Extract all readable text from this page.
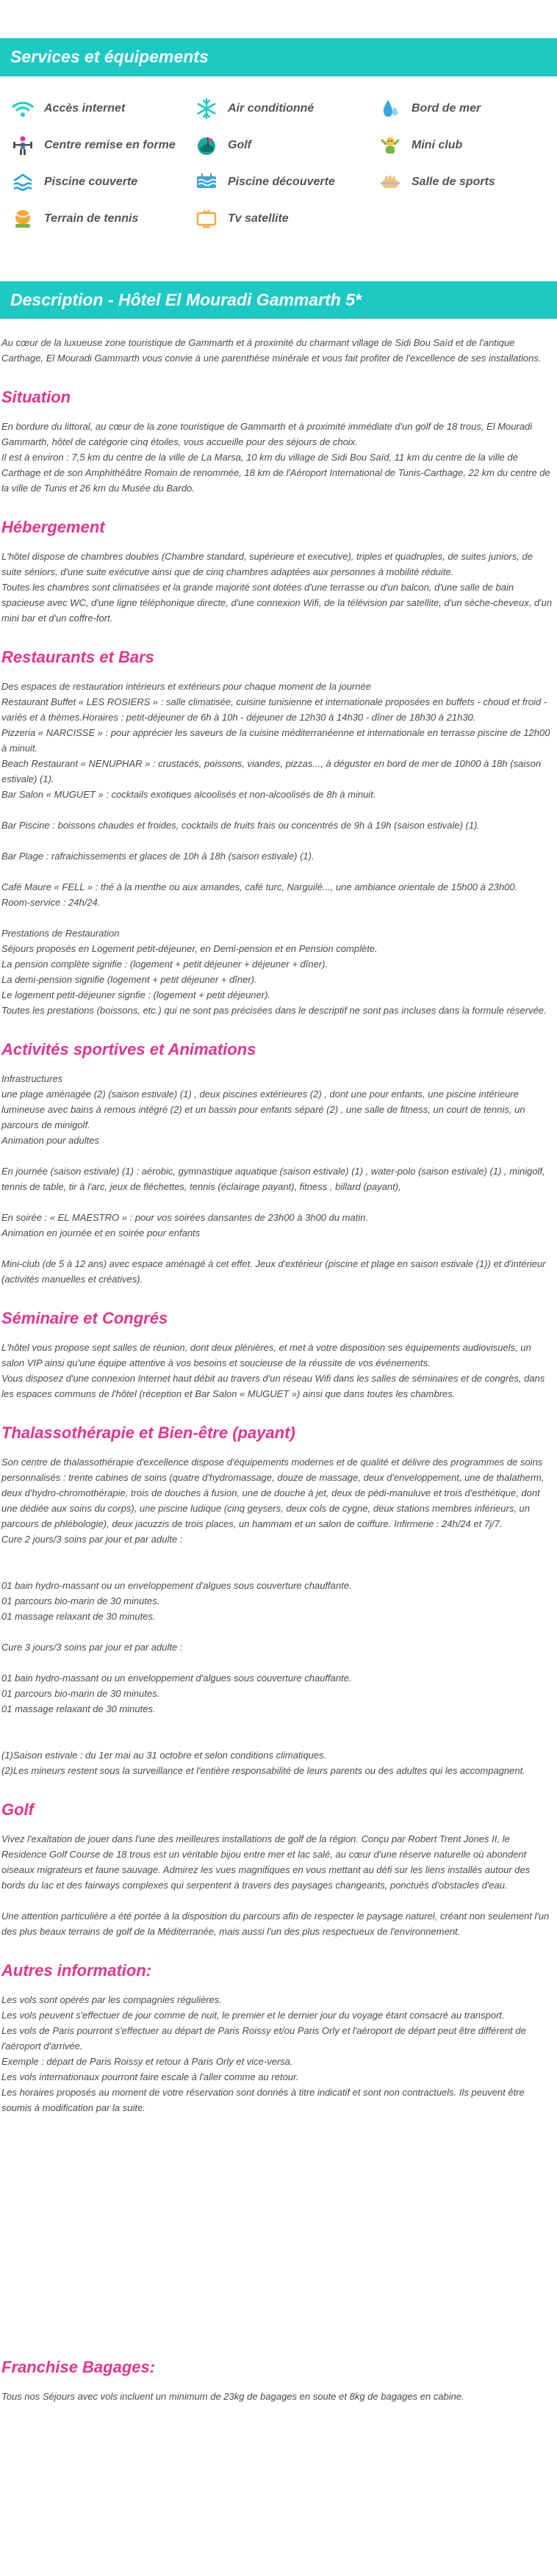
Services et équipements
Accès internet	Air conditionné	Bord de mer
Centre remise en forme	Golf	Mini club
Piscine couverte	Piscine découverte	Salle de sports
Terrain de tennis	Tv satellite
Description - Hôtel El Mouradi Gammarth 5*
Au cœur de la luxueuse zone touristique de Gammarth et à proximité du charmant village de Sidi Bou Saïd et de l'antique Carthage, El Mouradi Gammarth vous convie à une parenthèse minérale et vous fait profiter de l'excellence de ses installations.
Situation
En bordure du littoral, au cœur de la zone touristique de Gammarth et à proximité immédiate d'un golf de 18 trous, El Mouradi Gammarth, hôtel de catégorie cinq étoiles, vous accueille pour des séjours de choix.
Il est à environ : 7,5 km du centre de la ville de La Marsa, 10 km du village de Sidi Bou Saïd, 11 km du centre de la ville de Carthage et de son Amphithéâtre Romain de renommée, 18 km de l'Aéroport International de Tunis-Carthage, 22 km du centre de la ville de Tunis et 26 km du Musée du Bardo.
Hébergement
L'hôtel dispose de chambres doubles (Chambre standard, supérieure et executive), triples et quadruples, de suites juniors, de suite séniors, d'une suite exécutive ainsi que de cinq chambres adaptées aux personnes à mobilité réduite.
Toutes les chambres sont climatisées et la grande majorité sont dotées d'une terrasse ou d'un balcon, d'une salle de bain spacieuse avec WC, d'une ligne téléphonique directe, d'une connexion Wifi, de la télévision par satellite, d'un sèche-cheveux, d'un mini bar et d'un coffre-fort.
Restaurants et Bars
Des espaces de restauration intérieurs et extérieurs pour chaque moment de la journée
Restaurant Buffet « LES ROSIERS » : salle climatisée, cuisine tunisienne et internationale proposées en buffets - choud et froid - variés et à thèmes.Horaires : petit-déjeuner de 6h à 10h - déjeuner de 12h30 à 14h30 - dîner de 18h30 à 21h30.
Pizzeria « NARCISSE » : pour apprécier les saveurs de la cuisine méditerranéenne et internationale en terrasse piscine de 12h00 à minuit.
Beach Restaurant « NENUPHAR » : crustacés, poissons, viandes, pizzas..., à déguster en bord de mer de 10h00 à 18h (saison estivale) (1).
Bar Salon « MUGUET » : cocktails exotiques alcoolisés et non-alcoolisés de 8h à minuit.
Bar Piscine : boissons chaudes et froides, cocktails de fruits frais ou concentrés de 9h à 19h (saison estivale) (1).
Bar Plage : rafraichissements et glaces de 10h à 18h (saison estivale) (1).
Café Maure « FELL » : thé à la menthe ou aux amandes, café turc, Narguilé..., une ambiance orientale de 15h00 à 23h00.
Room-service : 24h/24.
Prestations de Restauration
Séjours proposés en Logement petit-déjeuner, en Demi-pension et en Pension complète.
La pension complète signifie : (logement + petit déjeuner + déjeuner + dîner).
La demi-pension signifie (logement + petit déjeuner + dîner).
Le logement petit-déjeuner signfie : (logement + petit déjeuner).
Toutes les prestations (boissons, etc.) qui ne sont pas précisées dans le descriptif ne sont pas incluses dans la formule réservée.
Activités sportives et Animations
Infrastructures
une plage aménagée (2) (saison estivale) (1) , deux piscines extérieures (2) , dont une pour enfants, une piscine intérieure lumineuse avec bains à remous intégré (2) et un bassin pour enfants séparé (2) , une salle de fitness, un court de tennis, un parcours de minigolf.
Animation pour adultes
En journée (saison estivale) (1) : aérobic, gymnastique aquatique (saison estivale) (1) , water-polo (saison estivale) (1) , minigolf, tennis de table, tir à l'arc, jeux de fléchettes, tennis (éclairage payant), fitness , billard (payant),
En soirée : « EL MAESTRO » : pour vos soirées dansantes de 23h00 à 3h00 du matin.
Animation en journée et en soirée pour enfants
Mini-club (de 5 à 12 ans) avec espace aménagé à cet effet. Jeux d'extérieur (piscine et plage en saison estivale (1)) et d'intérieur (activités manuelles et créatives).
Séminaire et Congrés
L'hôtel vous propose sept salles de réunion, dont deux plénières, et met à votre disposition ses équipements audiovisuels, un salon VIP ainsi qu'une équipe attentive à vos besoins et soucieuse de la réussite de vos événements.
Vous disposez d'une connexion Internet haut débit au travers d'un réseau Wifi dans les salles de séminaires et de congrès, dans les espaces communs de l'hôtel (réception et Bar Salon « MUGUET ») ainsi que dans toutes les chambres.
Thalassothérapie et Bien-être (payant)
Son centre de thalassothérapie d'excellence dispose d'équipements modernes et de qualité et délivre des programmes de soins personnalisés : trente cabines de soins (quatre d'hydromassage, douze de massage, deux d'enveloppement, une de thalatherm, deux d'hydro-chromothérapie, trois de douches à fusion, une de douche à jet, deux de pédi-manuluve et trois d'esthétique, dont une dédiée aux soins du corps), une piscine ludique (cinq geysers, deux cols de cygne, deux stations membres inférieurs, un parcours de phlébologie), deux jacuzzis de trois places, un hammam et un salon de coiffure. Infirmerie : 24h/24 et 7j/7.
Cure 2 jours/3 soins par jour et par adulte :
01 bain hydro-massant ou un enveloppement d'algues sous couverture chauffante.
01 parcours bio-marin de 30 minutes.
01 massage relaxant de 30 minutes.
Cure 3 jours/3 soins par jour et par adulte :
01 bain hydro-massant ou un enveloppement d'algues sous couverture chauffante.
01 parcours bio-marin de 30 minutes.
01 massage relaxant de 30 minutes.
(1)Saison estivale : du 1er mai au 31 octobre et selon conditions climatiques.
(2)Les mineurs restent sous la surveillance et l'entière responsabilité de leurs parents ou des adultes qui les accompagnent.
Golf
Vivez l'exaltation de jouer dans l'une des meilleures installations de golf de la région. Conçu par Robert Trent Jones II, le Residence Golf Course de 18 trous est un véritable bijou entre mer et lac salé, au cœur d'une réserve naturelle où abondent oiseaux migrateurs et faune sauvage. Admirez les vues magnifiques en vous mettant au défi sur les liens installés autour des bords du lac et des fairways complexes qui serpentent à travers des paysages changeants, ponctués d'obstacles d'eau.
Une attention particulière a été portée à la disposition du parcours afin de respecter le paysage naturel, créant non seulement l'un des plus beaux terrains de golf de la Méditerranée, mais aussi l'un des plus respectueux de l'environnement.
Autres information:
Les vols sont opérés par les compagnies régulières.
Les vols peuvent s'effectuer de jour comme de nuit, le premier et le dernier jour du voyage étant consacré au transport.
Les vols de Paris pourront s'effectuer au départ de Paris Roissy et/ou Paris Orly et l'aéroport de départ peut être différent de l'aéroport d'arrivée.
Exemple : départ de Paris Roissy et retour à Paris Orly et vice-versa.
Les vols internationaux pourront faire escale à l'aller comme au retour.
Les horaires proposés au moment de votre réservation sont donnés à titre indicatif et sont non contractuels. Ils peuvent être soumis à modification par la suite.
Franchise Bagages:
Tous nos Séjours avec vols incluent un minimum de 23kg de bagages en soute et 8kg de bagages en cabine.
